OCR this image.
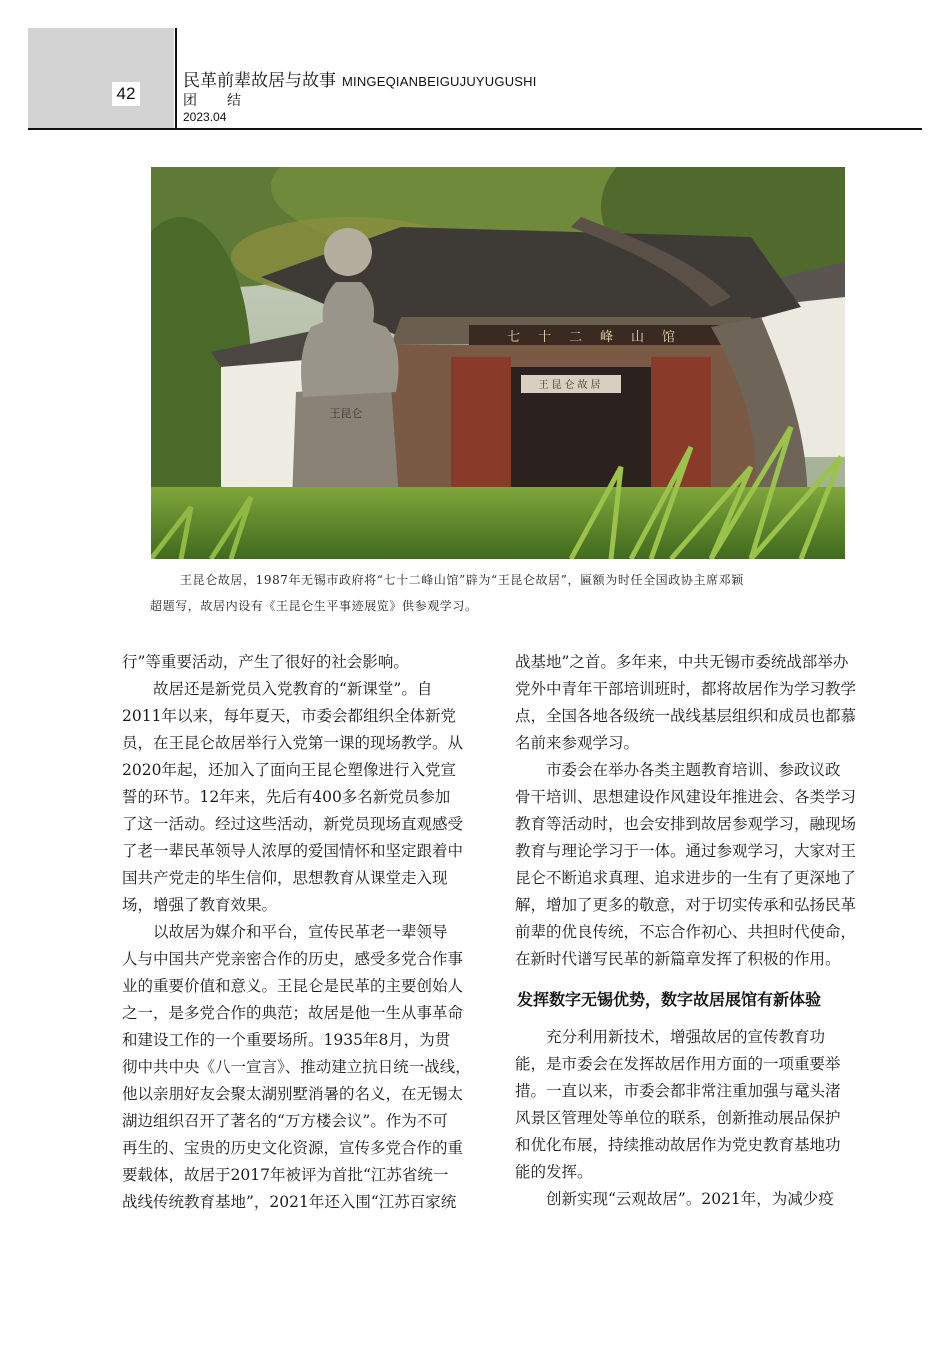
42
民革前辈故居与故事 MINGEQIANBEIGUJUYUGUSHI
团结
2023.04
七十二峰山馆
王昆仑故居
王昆仑
王昆仑故居，1987年无锡市政府将“七十二峰山馆”辟为“王昆仑故居”，匾额为时任全国政协主席邓颖
超题写，故居内设有《王昆仑生平事迹展览》供参观学习。
行”等重要活动，产生了很好的社会影响。
　　故居还是新党员入党教育的“新课堂”。自
2011年以来，每年夏天，市委会都组织全体新党
员，在王昆仑故居举行入党第一课的现场教学。从
2020年起，还加入了面向王昆仑塑像进行入党宣
誓的环节。12年来，先后有400多名新党员参加
了这一活动。经过这些活动，新党员现场直观感受
了老一辈民革领导人浓厚的爱国情怀和坚定跟着中
国共产党走的毕生信仰，思想教育从课堂走入现
场，增强了教育效果。
　　以故居为媒介和平台，宣传民革老一辈领导
人与中国共产党亲密合作的历史，感受多党合作事
业的重要价值和意义。王昆仑是民革的主要创始人
之一，是多党合作的典范；故居是他一生从事革命
和建设工作的一个重要场所。1935年8月，为贯
彻中共中央《八一宣言》、推动建立抗日统一战线，
他以亲朋好友会聚太湖别墅消暑的名义，在无锡太
湖边组织召开了著名的“万方楼会议”。作为不可
再生的、宝贵的历史文化资源，宣传多党合作的重
要载体，故居于2017年被评为首批“江苏省统一
战线传统教育基地”，2021年还入围“江苏百家统
战基地”之首。多年来，中共无锡市委统战部举办
党外中青年干部培训班时，都将故居作为学习教学
点，全国各地各级统一战线基层组织和成员也都慕
名前来参观学习。
　　市委会在举办各类主题教育培训、参政议政
骨干培训、思想建设作风建设年推进会、各类学习
教育等活动时，也会安排到故居参观学习，融现场
教育与理论学习于一体。通过参观学习，大家对王
昆仑不断追求真理、追求进步的一生有了更深地了
解，增加了更多的敬意，对于切实传承和弘扬民革
前辈的优良传统，不忘合作初心、共担时代使命，
在新时代谱写民革的新篇章发挥了积极的作用。
发挥数字无锡优势，数字故居展馆有新体验
　　充分利用新技术，增强故居的宣传教育功
能，是市委会在发挥故居作用方面的一项重要举
措。一直以来，市委会都非常注重加强与鼋头渚
风景区管理处等单位的联系，创新推动展品保护
和优化布展，持续推动故居作为党史教育基地功
能的发挥。
　　创新实现“云观故居”。2021年，为减少疫
